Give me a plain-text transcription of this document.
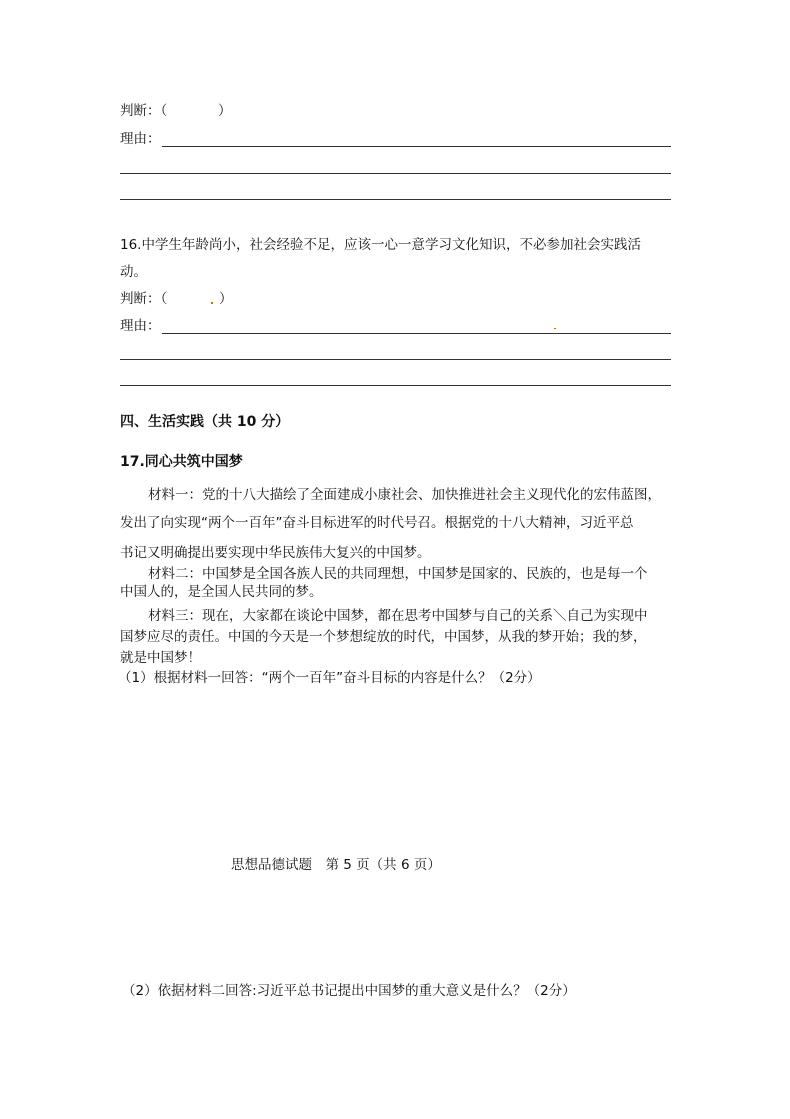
判断：（	）
理由：
16.中学生年龄尚小，社会经验不足，应该一心一意学习文化知识，不必参加社会实践活
动。
判断：（	）
理由：
四、生活实践（共 10 分）
17.同心共筑中国梦
材料一：党的十八大描绘了全面建成小康社会、加快推进社会主义现代化的宏伟蓝图，
发出了向实现“两个一百年”奋斗目标进军的时代号召。根据党的十八大精神，习近平总
书记又明确提出要实现中华民族伟大复兴的中国梦。
材料二：中国梦是全国各族人民的共同理想，中国梦是国家的、民族的，也是每一个
中国人的，是全国人民共同的梦。
材料三：现在，大家都在谈论中国梦，都在思考中国梦与自己的关系＼自己为实现中
国梦应尽的责任。中国的今天是一个梦想绽放的时代，中国梦，从我的梦开始；我的梦，
就是中国梦！
（1）根据材料一回答：“两个一百年”奋斗目标的内容是什么？（2分）
思想品德试题　第 5 页（共 6 页）
（2）依据材料二回答:习近平总书记提出中国梦的重大意义是什么？（2分）
